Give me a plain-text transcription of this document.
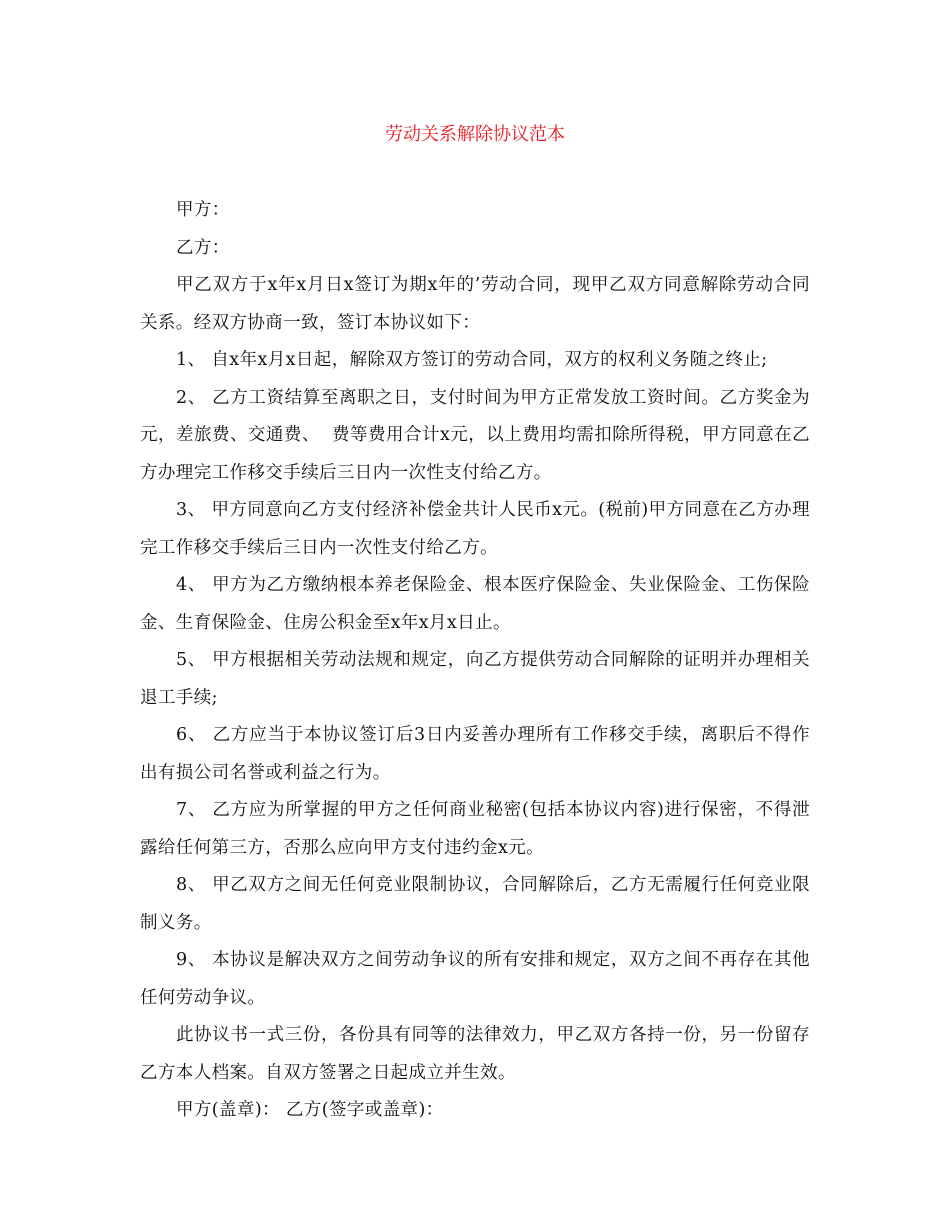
劳动关系解除协议范本

甲方：

乙方：

甲乙双方于x年x月日x签订为期x年的’劳动合同，现甲乙双方同意解除劳动合同关系。经双方协商一致，签订本协议如下：

1、 自x年x月x日起，解除双方签订的劳动合同，双方的权利义务随之终止;

2、 乙方工资结算至离职之日，支付时间为甲方正常发放工资时间。乙方奖金为元，差旅费、交通费、  费等费用合计x元，以上费用均需扣除所得税，甲方同意在乙方办理完工作移交手续后三日内一次性支付给乙方。

3、 甲方同意向乙方支付经济补偿金共计人民币x元。(税前)甲方同意在乙方办理完工作移交手续后三日内一次性支付给乙方。

4、 甲方为乙方缴纳根本养老保险金、根本医疗保险金、失业保险金、工伤保险金、生育保险金、住房公积金至x年x月x日止。

5、 甲方根据相关劳动法规和规定，向乙方提供劳动合同解除的证明并办理相关退工手续;

6、 乙方应当于本协议签订后3日内妥善办理所有工作移交手续，离职后不得作出有损公司名誉或利益之行为。

7、 乙方应为所掌握的甲方之任何商业秘密(包括本协议内容)进行保密，不得泄露给任何第三方，否那么应向甲方支付违约金x元。

8、 甲乙双方之间无任何竞业限制协议，合同解除后，乙方无需履行任何竞业限制义务。

9、 本协议是解决双方之间劳动争议的所有安排和规定，双方之间不再存在其他任何劳动争议。

此协议书一式三份，各份具有同等的法律效力，甲乙双方各持一份，另一份留存乙方本人档案。自双方签署之日起成立并生效。

甲方(盖章)： 乙方(签字或盖章)：
